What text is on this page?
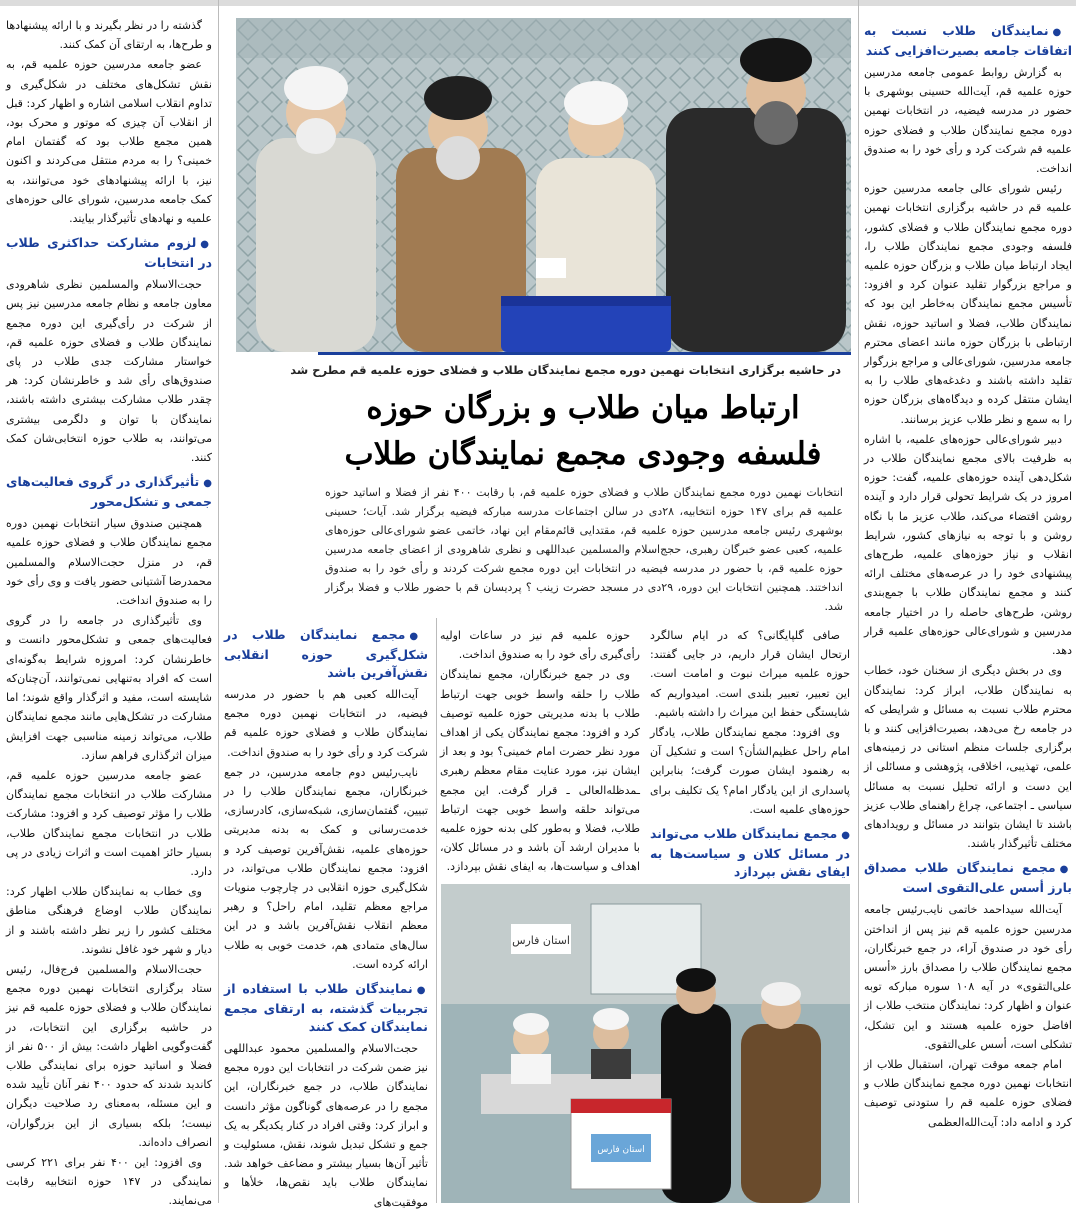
●نمایندگان طلاب نسبت به اتفاقات جامعه بصیرت‌افزایی کنند

به گزارش روابط عمومی جامعه مدرسین حوزه علمیه قم، آیت‌الله حسینی بوشهری با حضور در مدرسه فیضیه، در انتخابات نهمین دوره مجمع نمایندگان طلاب و فضلای حوزه علمیه قم شرکت کرد و رأی خود را به صندوق انداخت.

رئیس شورای عالی جامعه مدرسین حوزه علمیه قم در حاشیه برگزاری انتخابات نهمین دوره مجمع نمایندگان طلاب و فضلای کشور، فلسفه وجودی مجمع نمایندگان طلاب را، ایجاد ارتباط میان طلاب و بزرگان حوزه علمیه و مراجع بزرگوار تقلید عنوان کرد و افزود: تأسیس مجمع نمایندگان به‌خاطر این بود که نمایندگان طلاب، فضلا و اساتید حوزه، نقش ارتباطی با بزرگان حوزه مانند اعضای محترم جامعه مدرسین، شورای‌عالی و مراجع بزرگوار تقلید داشته باشند و دغدغه‌های طلاب را به ایشان منتقل کرده و دیدگاه‌های بزرگان حوزه را به سمع و نظر طلاب عزیز برسانند.

دبیر شورای‌عالی حوزه‌های علمیه، با اشاره به ظرفیت بالای مجمع نمایندگان طلاب در شکل‌دهی آینده حوزه‌های علمیه، گفت: حوزه امروز در یک شرایط تحولی قرار دارد و آینده روشن اقتضاء می‌کند، طلاب عزیز ما با نگاه روشن و با توجه به نیازهای کشور، شرایط انقلاب و نیاز حوزه‌های علمیه، طرح‌های پیشنهادی خود را در عرصه‌های مختلف ارائه کنند و مجمع نمایندگان طلاب با جمع‌بندی روشن، طرح‌های حاصله را در اختیار جامعه مدرسین و شورای‌عالی حوزه‌های علمیه قرار دهد.

وی در بخش دیگری از سخنان خود، خطاب به نمایندگان طلاب، ابراز کرد: نمایندگان محترم طلاب نسبت به مسائل و شرایطی که در جامعه رخ می‌دهد، بصیرت‌افزایی کنند و با برگزاری جلسات منظم استانی در زمینه‌های علمی، تهذیبی، اخلاقی، پژوهشی و مسائلی از این دست و ارائه تحلیل نسبت به مسائل سیاسی ـ اجتماعی، چراغ راهنمای طلاب عزیز باشند تا ایشان بتوانند در مسائل و رویدادهای مختلف تأثیرگذار باشند.

●مجمع نمایندگان طلاب مصداق بارز أسس علی‌التقوی است

آیت‌الله سیداحمد خاتمی نایب‌رئیس جامعه مدرسین حوزه علمیه قم نیز پس از انداختن رأی خود در صندوق آراء، در جمع خبرنگاران، مجمع نمایندگان طلاب را مصداق بارز «أسس علی‌التقوی» در آیه ۱۰۸ سوره مبارکه توبه عنوان و اظهار کرد: نمایندگان منتخب طلاب از افاضل حوزه علمیه هستند و این تشکل، تشکلی است، أسس علی‌التقوی.

امام جمعه موقت تهران، استقبال طلاب از انتخابات نهمین دوره مجمع نمایندگان طلاب و فضلای حوزه علمیه قم را ستودنی توصیف کرد و ادامه داد: آیت‌الله‌العظمی

در حاشیه برگزاری انتخابات نهمین دوره مجمع نمایندگان طلاب و فضلای حوزه علمیه قم مطرح شد
ارتباط میان طلاب و بزرگان حوزه
فلسفه وجودی مجمع نمایندگان طلاب
انتخابات نهمین دوره مجمع نمایندگان طلاب و فضلای حوزه علمیه قم، با رقابت ۴۰۰ نفر از فضلا و اساتید حوزه علمیه قم برای ۱۴۷ حوزه انتخابیه، ۲۸دی در سالن اجتماعات مدرسه مبارکه فیضیه برگزار شد. آیات؛ حسینی بوشهری رئیس جامعه مدرسین حوزه علمیه قم، مقتدایی قائم‌مقام این نهاد، خاتمی عضو شورای‌عالی حوزه‌های علمیه، کعبی عضو خبرگان رهبری، حجج‌اسلام والمسلمین عبداللهی و نظری شاهرودی از اعضای جامعه مدرسین حوزه علمیه قم، با حضور در مدرسه فیضیه در انتخابات این دوره مجمع شرکت کردند و رأی خود را به صندوق انداختند. همچنین انتخابات این دوره، ۲۹دی در مسجد حضرت زینب ؟ پردیسان قم با حضور طلاب و فضلا برگزار شد.

صافی گلپایگانی؟ که در ایام سالگرد ارتحال ایشان قرار داریم، در جایی گفتند: حوزه علمیه میراث نبوت و امامت است. این تعبیر، تعبیر بلندی است. امیدواریم که شایستگی حفظ این میراث را داشته باشیم.

وی افزود: مجمع نمایندگان طلاب، یادگار امام راحل عظیم‌الشأن؟ است و تشکیل آن به رهنمود ایشان صورت گرفت؛ بنابراین پاسداری از این یادگار امام؟ یک تکلیف برای حوزه‌های علمیه است.

●مجمع نمایندگان طلاب می‌تواند در مسائل کلان و سیاست‌ها به ایفای نقش بپردازد

حوزه علمیه قم نیز در ساعات اولیه رأی‌گیری رأی خود را به صندوق انداخت.

وی در جمع خبرنگاران، مجمع نمایندگان طلاب را حلقه واسط خوبی جهت ارتباط طلاب با بدنه مدیریتی حوزه علمیه توصیف کرد و افزود: مجمع نمایندگان یکی از اهداف مورد نظر حضرت امام خمینی؟ بود و بعد از ایشان نیز، مورد عنایت مقام معظم رهبری ـمدظله‌العالی ـ قرار گرفت. این مجمع می‌تواند حلقه واسط خوبی جهت ارتباط طلاب، فضلا و به‌طور کلی بدنه حوزه علمیه با مدیران ارشد آن باشد و در مسائل کلان، اهداف و سیاست‌ها، به ایفای نقش بپردازد.

استان فارس
استان فارس
●مجمع نمایندگان طلاب در شکل‌گیری حوزه انقلابی نقش‌آفرین باشد

آیت‌الله کعبی هم با حضور در مدرسه فیضیه، در انتخابات نهمین دوره مجمع نمایندگان طلاب و فضلای حوزه علمیه قم شرکت کرد و رأی خود را به صندوق انداخت.

نایب‌رئیس دوم جامعه مدرسین، در جمع خبرنگاران، مجمع نمایندگان طلاب را در تبیین، گفتمان‌سازی، شبکه‌سازی، کادرسازی، خدمت‌رسانی و کمک به بدنه مدیریتی حوزه‌های علمیه، نقش‌آفرین توصیف کرد و افزود: مجمع نمایندگان طلاب می‌تواند، در شکل‌گیری حوزه انقلابی در چارچوب منویات مراجع معظم تقلید، امام راحل؟ و رهبر معظم انقلاب نقش‌آفرین باشد و در این سال‌های متمادی هم، خدمت خوبی به طلاب ارائه کرده است.

●نمایندگان طلاب با استفاده از تجربیات گذشته، به ارتقای مجمع نمایندگان کمک کنند

حجت‌الاسلام والمسلمین محمود عبداللهی نیز ضمن شرکت در انتخابات این دوره مجمع نمایندگان طلاب، در جمع خبرنگاران، این مجمع را در عرصه‌های گوناگون مؤثر دانست و ابراز کرد: وقتی افراد در کنار یکدیگر به یک جمع و تشکل تبدیل شوند، نقش، مسئولیت و تأثیر آن‌ها بسیار بیشتر و مضاعف خواهد شد. نمایندگان طلاب باید نقص‌ها، خلأها و موفقیت‌های

گذشته را در نظر بگیرند و با ارائه پیشنهادها و طرح‌ها، به ارتقای آن کمک کنند.

عضو جامعه مدرسین حوزه علمیه قم، به نقش تشکل‌های مختلف در شکل‌گیری و تداوم انقلاب اسلامی اشاره و اظهار کرد: قبل از انقلاب آن چیزی که موتور و محرک بود، همین مجمع طلاب بود که گفتمان امام خمینی؟ را به مردم منتقل می‌کردند و اکنون نیز، با ارائه پیشنهادهای خود می‌توانند، به کمک جامعه مدرسین، شورای عالی حوزه‌های علمیه و نهادهای تأثیرگذار بیایند.

●لزوم مشارکت حداکثری طلاب در انتخابات

حجت‌الاسلام والمسلمین نظری شاهرودی معاون جامعه و نظام جامعه مدرسین نیز پس از شرکت در رأی‌گیری این دوره مجمع نمایندگان طلاب و فضلای حوزه علمیه قم، خواستار مشارکت جدی طلاب در پای صندوق‌های رأی شد و خاطرنشان کرد: هر چقدر طلاب مشارکت بیشتری داشته باشند، نمایندگان با توان و دلگرمی بیشتری می‌توانند، به طلاب حوزه انتخابی‌شان کمک کنند.

●تأثیرگذاری در گروی فعالیت‌های جمعی و تشکل‌محور

همچنین صندوق سیار انتخابات نهمین دوره مجمع نمایندگان طلاب و فضلای حوزه علمیه قم، در منزل حجت‌الاسلام والمسلمین محمدرضا آشتیانی حضور یافت و وی رأی خود را به صندوق انداخت.

وی تأثیرگذاری در جامعه را در گروی فعالیت‌های جمعی و تشکل‌محور دانست و خاطرنشان کرد: امروزه شرایط به‌گونه‌ای است که افراد به‌تنهایی نمی‌توانند، آن‌چنان‌که شایسته است، مفید و اثرگذار واقع شوند؛ اما مشارکت در تشکل‌هایی مانند مجمع نمایندگان طلاب، می‌تواند زمینه مناسبی جهت افزایش میزان اثرگذاری فراهم سازد.

عضو جامعه مدرسین حوزه علمیه قم، مشارکت طلاب در انتخابات مجمع نمایندگان طلاب را مؤثر توصیف کرد و افزود: مشارکت طلاب در انتخابات مجمع نمایندگان طلاب، بسیار حائز اهمیت است و اثرات زیادی در پی دارد.

وی خطاب به نمایندگان طلاب اظهار کرد: نمایندگان طلاب اوضاع فرهنگی مناطق مختلف کشور را زیر نظر داشته باشند و از دیار و شهر خود غافل نشوند.

حجت‌الاسلام والمسلمین فرج‌فال، رئیس ستاد برگزاری انتخابات نهمین دوره مجمع نمایندگان طلاب و فضلای حوزه علمیه قم نیز در حاشیه برگزاری این انتخابات، در گفت‌وگویی اظهار داشت: بیش از ۵۰۰ نفر از فضلا و اساتید حوزه برای نمایندگی طلاب کاندید شدند که حدود ۴۰۰ نفر آنان تأیید شده و این مسئله، به‌معنای رد صلاحیت دیگران نیست؛ بلکه بسیاری از این بزرگواران، انصراف داده‌اند.

وی افزود: این ۴۰۰ نفر برای ۲۲۱ کرسی نمایندگی در ۱۴۷ حوزه انتخابیه رقابت می‌نمایند.
